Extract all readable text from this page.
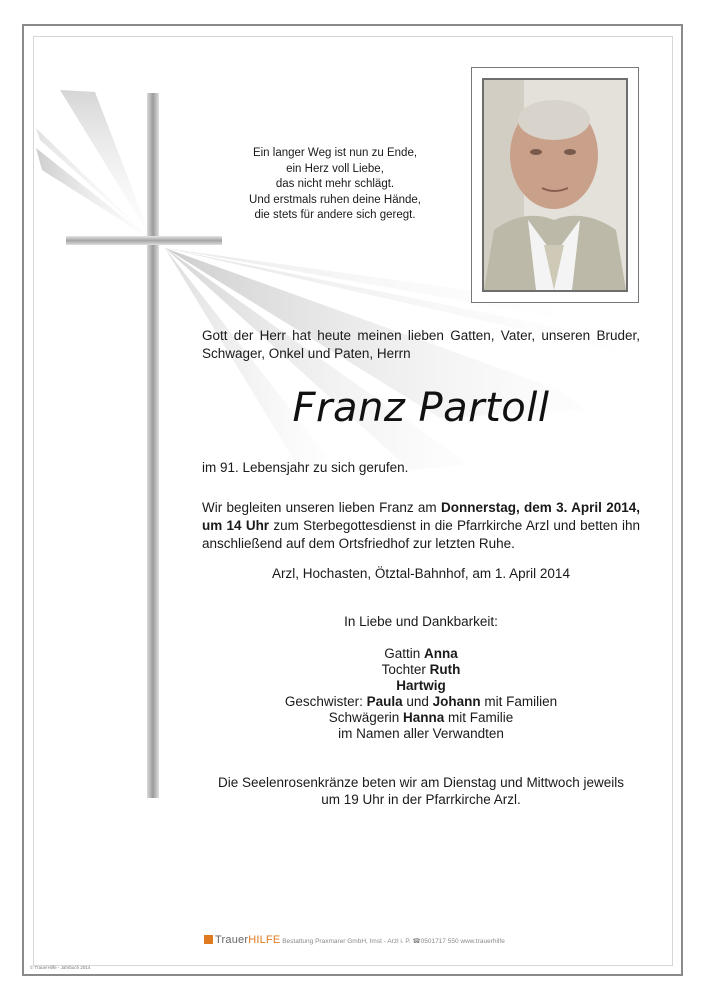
Ein langer Weg ist nun zu Ende,
ein Herz voll Liebe,
das nicht mehr schlägt.
Und erstmals ruhen deine Hände,
die stets für andere sich geregt.
Gott der Herr hat heute meinen lieben Gatten, Vater, unseren Bruder, Schwager, Onkel und Paten, Herrn
Franz Partoll
im 91. Lebensjahr zu sich gerufen.
Wir begleiten unseren lieben Franz am Donnerstag, dem 3. April 2014, um 14 Uhr zum Sterbegottesdienst in die Pfarrkirche Arzl und betten ihn anschließend auf dem Ortsfriedhof zur letzten Ruhe.
Arzl, Hochasten, Ötztal-Bahnhof, am 1. April 2014
In Liebe und Dankbarkeit:
Gattin Anna
Tochter Ruth
Hartwig
Geschwister: Paula und Johann mit Familien
Schwägerin Hanna mit Familie
im Namen aller Verwandten
Die Seelenrosenkränze beten wir am Dienstag und Mittwoch jeweils
um 19 Uhr in der Pfarrkirche Arzl.
TrauerHILFE Bestattung Praxmarer GmbH, Imst - Arzl i. P. ☎0501717 550 www.trauerhilfe
© TrauerHilfe - Jahrbuch 2014
